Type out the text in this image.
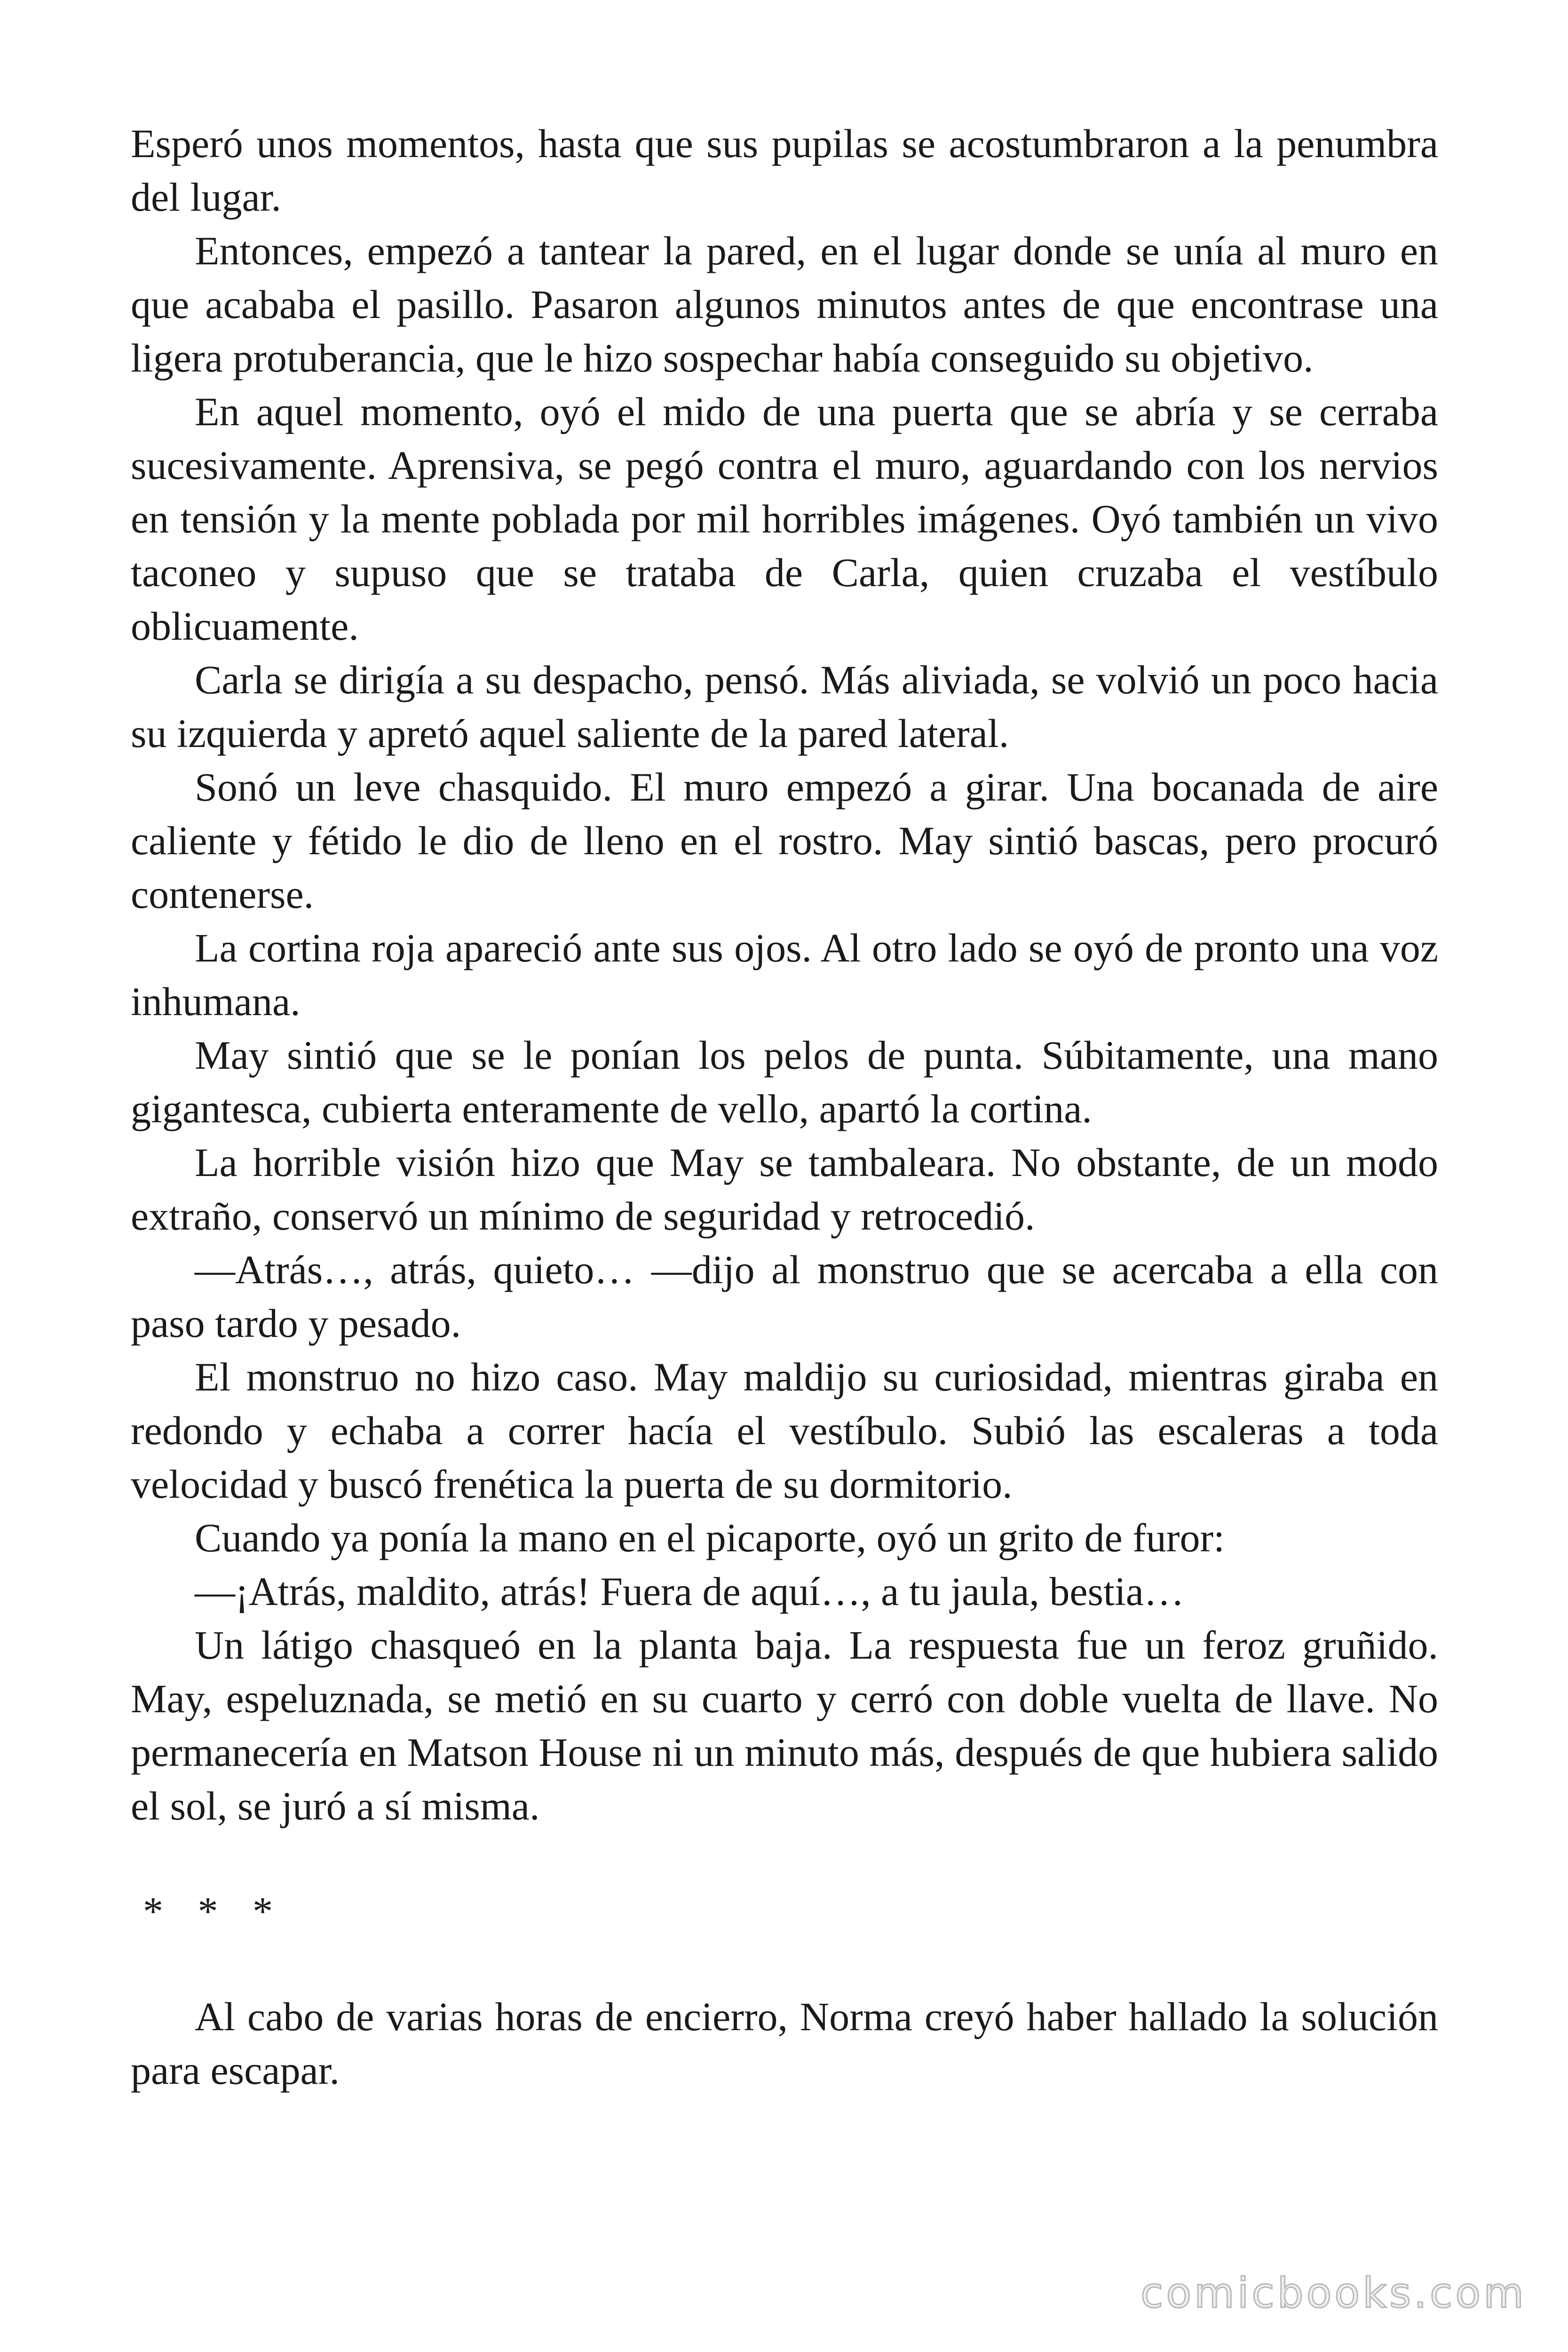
Esperó unos momentos, hasta que sus pupilas se acostumbraron a la penumbra del lugar.

Entonces, empezó a tantear la pared, en el lugar donde se unía al muro en que acababa el pasillo. Pasaron algunos minutos antes de que encontrase una ligera protuberancia, que le hizo sospechar había conseguido su objetivo.

En aquel momento, oyó el mido de una puerta que se abría y se cerraba sucesivamente. Aprensiva, se pegó contra el muro, aguardando con los nervios en tensión y la mente poblada por mil horribles imágenes. Oyó también un vivo taconeo y supuso que se trataba de Carla, quien cruzaba el vestíbulo oblicuamente.

Carla se dirigía a su despacho, pensó. Más aliviada, se volvió un poco hacia su izquierda y apretó aquel saliente de la pared lateral.

Sonó un leve chasquido. El muro empezó a girar. Una bocanada de aire caliente y fétido le dio de lleno en el rostro. May sintió bascas, pero procuró contenerse.

La cortina roja apareció ante sus ojos. Al otro lado se oyó de pronto una voz inhumana.

May sintió que se le ponían los pelos de punta. Súbitamente, una mano gigantesca, cubierta enteramente de vello, apartó la cortina.

La horrible visión hizo que May se tambaleara. No obstante, de un modo extraño, conservó un mínimo de seguridad y retrocedió.

—Atrás…, atrás, quieto… —dijo al monstruo que se acercaba a ella con paso tardo y pesado.

El monstruo no hizo caso. May maldijo su curiosidad, mientras giraba en redondo y echaba a correr hacía el vestíbulo. Subió las escaleras a toda velocidad y buscó frenética la puerta de su dormitorio.

Cuando ya ponía la mano en el picaporte, oyó un grito de furor:

—¡Atrás, maldito, atrás! Fuera de aquí…, a tu jaula, bestia…

Un látigo chasqueó en la planta baja. La respuesta fue un feroz gruñido. May, espeluznada, se metió en su cuarto y cerró con doble vuelta de llave. No permanecería en Matson House ni un minuto más, después de que hubiera salido el sol, se juró a sí misma.

* * *

Al cabo de varias horas de encierro, Norma creyó haber hallado la solución para escapar.

comicbooks.com
